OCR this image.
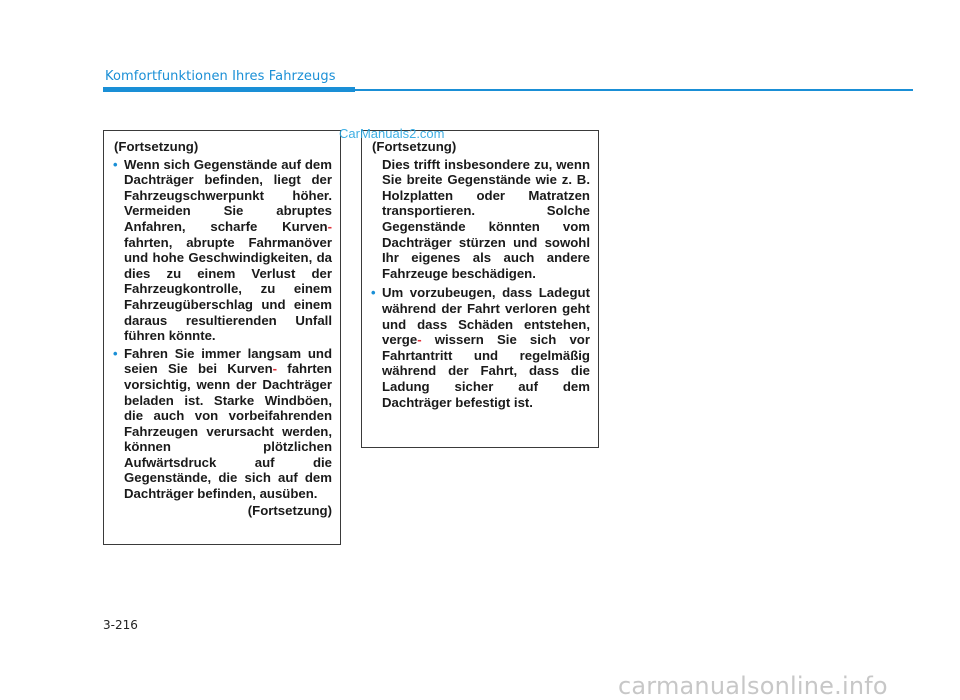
Komfortfunktionen Ihres Fahrzeugs
(Fortsetzung)
• Wenn sich Gegenstände auf dem Dachträger befinden, liegt der Fahrzeugschwerpunkt höher. Vermeiden Sie abruptes Anfahren, scharfe Kurven- fahrten, abrupte Fahrmanöver und hohe Geschwindigkeiten, da dies zu einem Verlust der Fahrzeugkontrolle, zu einem Fahrzeugüberschlag und einem daraus resultierenden Unfall führen könnte.
• Fahren Sie immer langsam und seien Sie bei Kurven- fahrten vorsichtig, wenn der Dachträger beladen ist. Starke Windböen, die auch von vorbeifahrenden Fahrzeugen verursacht werden, können plötzlichen Aufwärtsdruck auf die Gegenstände, die sich auf dem Dachträger befinden, ausüben.
(Fortsetzung)
(Fortsetzung)
Dies trifft insbesondere zu, wenn Sie breite Gegenstände wie z. B. Holzplatten oder Matratzen transportieren. Solche Gegenstände könnten vom Dachträger stürzen und sowohl Ihr eigenes als auch andere Fahrzeuge beschädigen.
• Um vorzubeugen, dass Ladegut während der Fahrt verloren geht und dass Schäden entstehen, verge- wissern Sie sich vor Fahrtantritt und regelmäßig während der Fahrt, dass die Ladung sicher auf dem Dachträger befestigt ist.
CarManuals2.com
3-216
carmanualsonline.info
